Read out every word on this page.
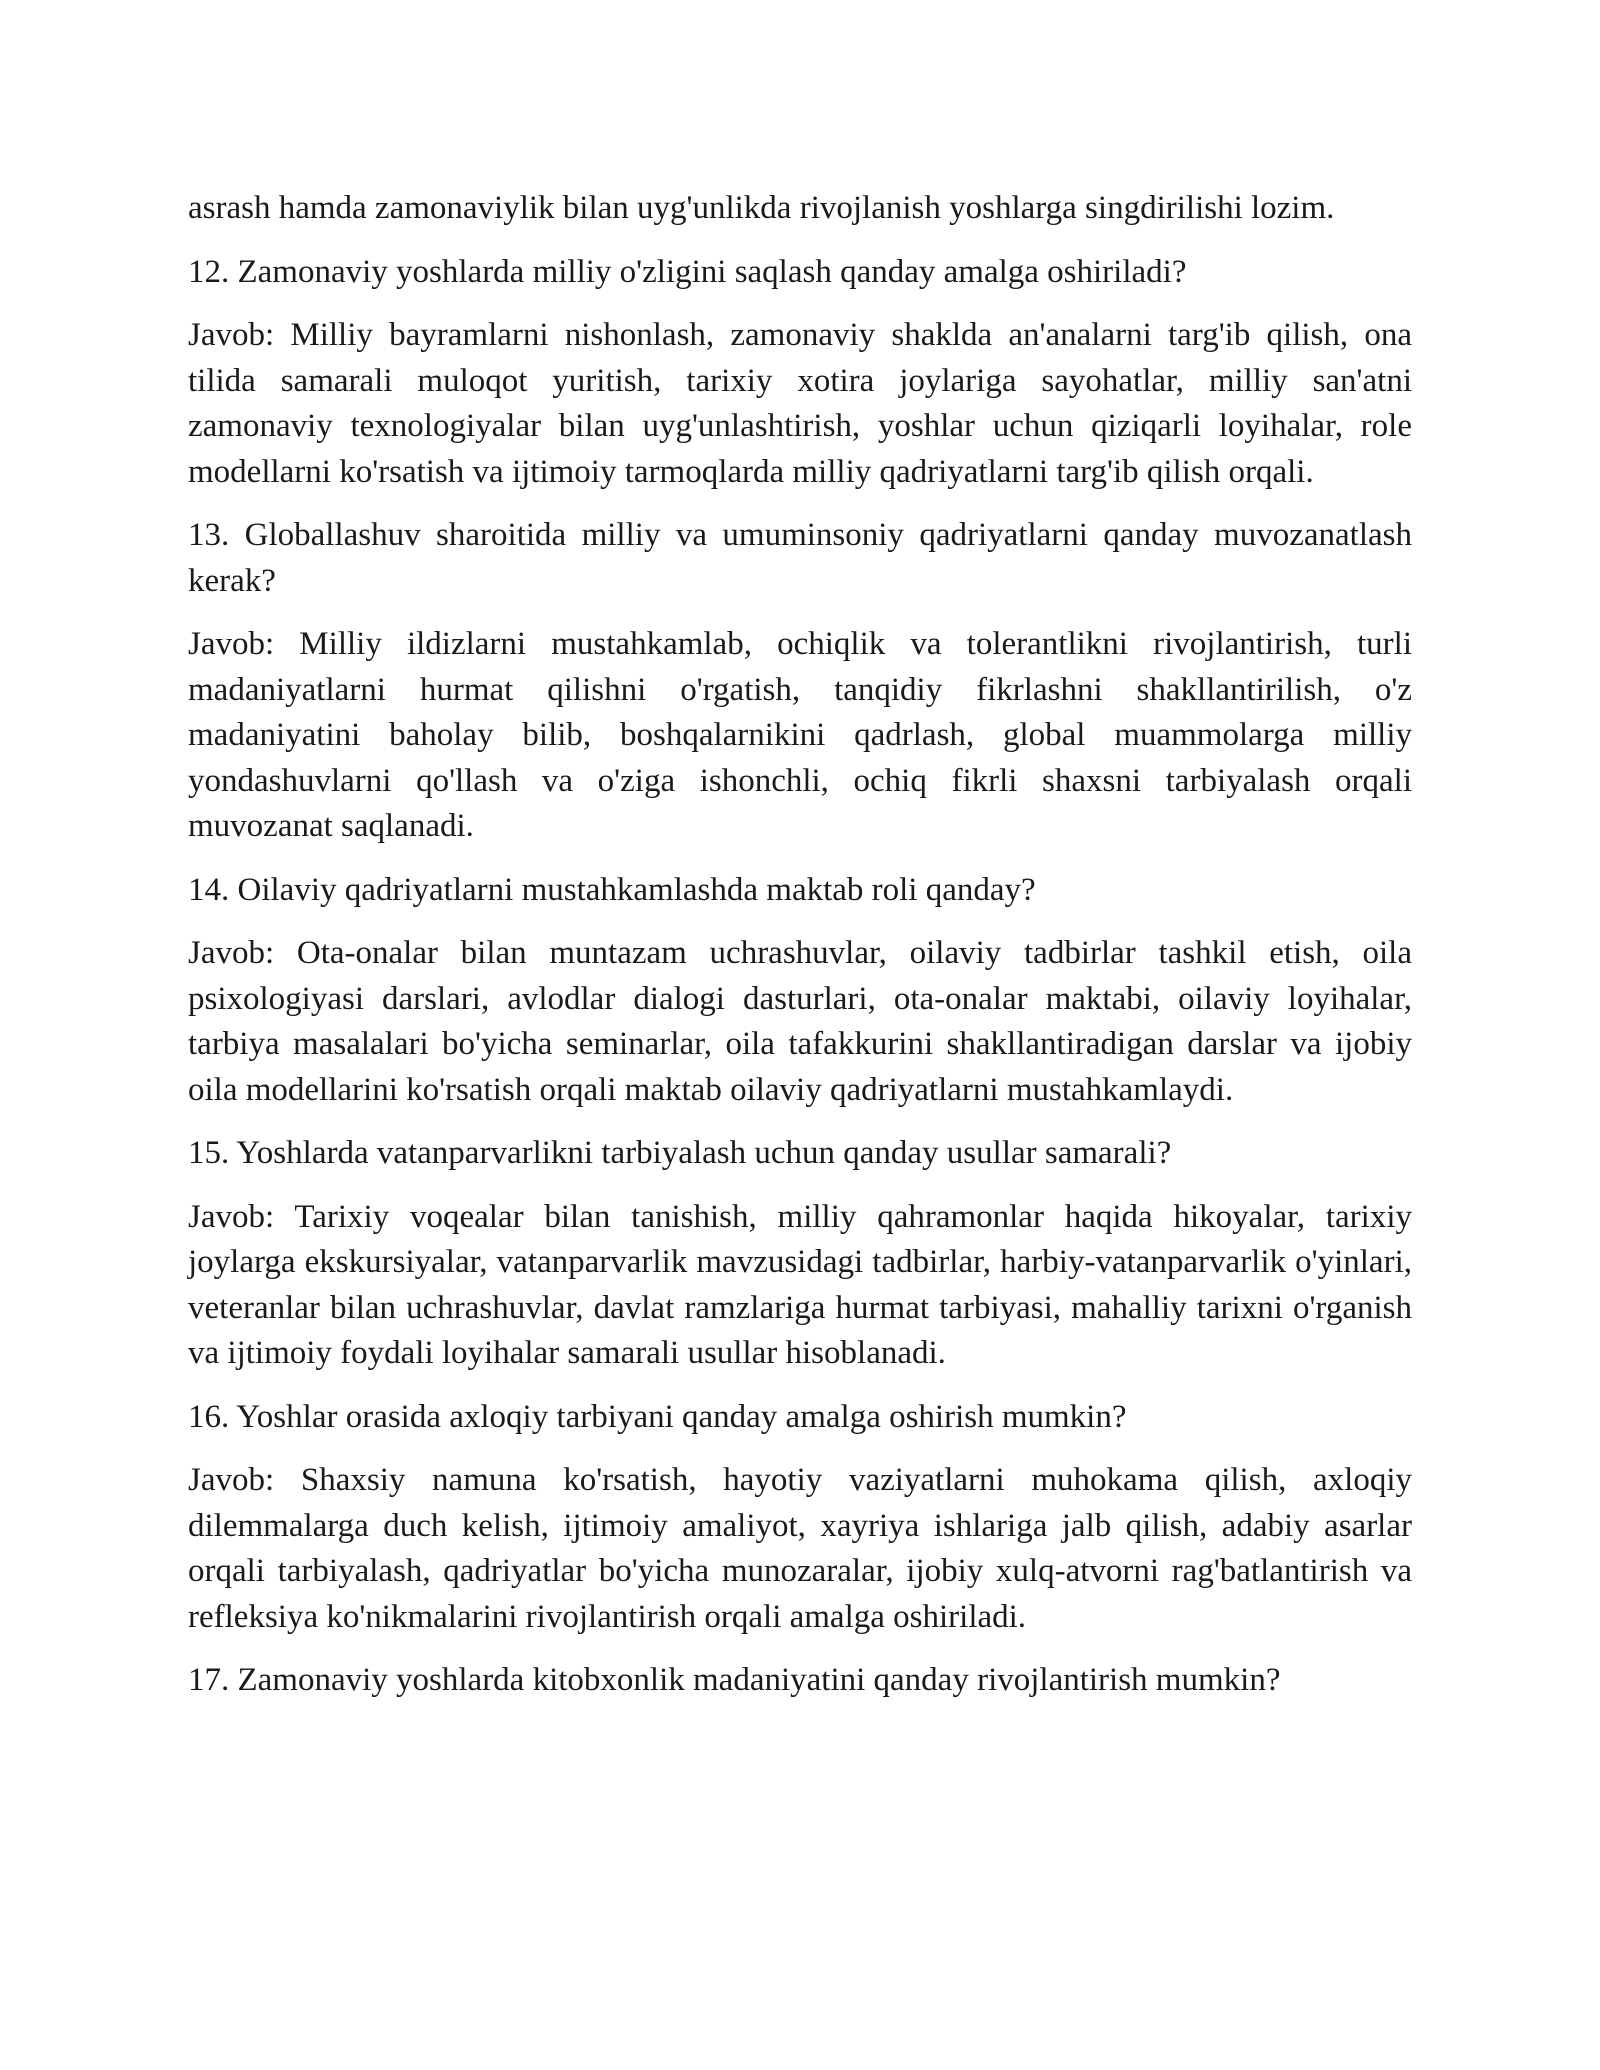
asrash hamda zamonaviylik bilan uyg'unlikda rivojlanish yoshlarga singdirilishi lozim.

12. Zamonaviy yoshlarda milliy o'zligini saqlash qanday amalga oshiriladi?

Javob: Milliy bayramlarni nishonlash, zamonaviy shaklda an'analarni targ'ib qilish, ona tilida samarali muloqot yuritish, tarixiy xotira joylariga sayohatlar, milliy san'atni zamonaviy texnologiyalar bilan uyg'unlashtirish, yoshlar uchun qiziqarli loyihalar, role modellarni ko'rsatish va ijtimoiy tarmoqlarda milliy qadriyatlarni targ'ib qilish orqali.

13. Globallashuv sharoitida milliy va umuminsoniy qadriyatlarni qanday muvozanatlash kerak?

Javob: Milliy ildizlarni mustahkamlab, ochiqlik va tolerantlikni rivojlantirish, turli madaniyatlarni hurmat qilishni o'rgatish, tanqidiy fikrlashni shakllantirilish, o'z madaniyatini baholay bilib, boshqalarnikini qadrlash, global muammolarga milliy yondashuvlarni qo'llash va o'ziga ishonchli, ochiq fikrli shaxsni tarbiyalash orqali muvozanat saqlanadi.

14. Oilaviy qadriyatlarni mustahkamlashda maktab roli qanday?

Javob: Ota-onalar bilan muntazam uchrashuvlar, oilaviy tadbirlar tashkil etish, oila psixologiyasi darslari, avlodlar dialogi dasturlari, ota-onalar maktabi, oilaviy loyihalar, tarbiya masalalari bo'yicha seminarlar, oila tafakkurini shakllantiradigan darslar va ijobiy oila modellarini ko'rsatish orqali maktab oilaviy qadriyatlarni mustahkamlaydi.

15. Yoshlarda vatanparvarlikni tarbiyalash uchun qanday usullar samarali?

Javob: Tarixiy voqealar bilan tanishish, milliy qahramonlar haqida hikoyalar, tarixiy joylarga ekskursiyalar, vatanparvarlik mavzusidagi tadbirlar, harbiy-vatanparvarlik o'yinlari, veteranlar bilan uchrashuvlar, davlat ramzlariga hurmat tarbiyasi, mahalliy tarixni o'rganish va ijtimoiy foydali loyihalar samarali usullar hisoblanadi.

16. Yoshlar orasida axloqiy tarbiyani qanday amalga oshirish mumkin?

Javob: Shaxsiy namuna ko'rsatish, hayotiy vaziyatlarni muhokama qilish, axloqiy dilemmalarga duch kelish, ijtimoiy amaliyot, xayriya ishlariga jalb qilish, adabiy asarlar orqali tarbiyalash, qadriyatlar bo'yicha munozaralar, ijobiy xulq-atvorni rag'batlantirish va refleksiya ko'nikmalarini rivojlantirish orqali amalga oshiriladi.

17. Zamonaviy yoshlarda kitobxonlik madaniyatini qanday rivojlantirish mumkin?
